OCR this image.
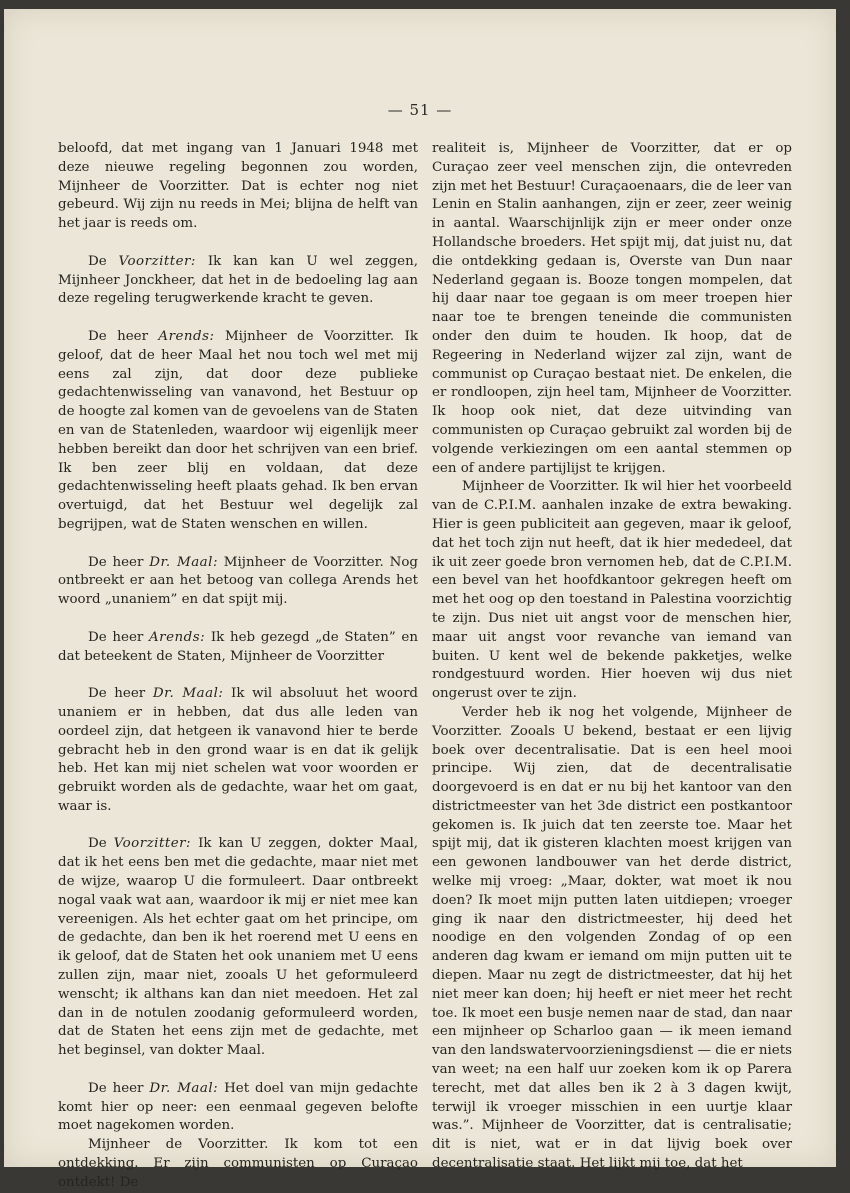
— 51 —

beloofd, dat met ingang van 1 Januari 1948 met deze nieuwe regeling begonnen zou worden, Mijnheer de Voorzitter. Dat is echter nog niet gebeurd. Wij zijn nu reeds in Mei; blijna de helft van het jaar is reeds om.

De Voorzitter: Ik kan kan U wel zeggen, Mijnheer Jonckheer, dat het in de bedoeling lag aan deze regeling terugwerkende kracht te geven.

De heer Arends: Mijnheer de Voorzitter. Ik geloof, dat de heer Maal het nou toch wel met mij eens zal zijn, dat door deze publieke gedachtenwisseling van vanavond, het Bestuur op de hoogte zal komen van de gevoelens van de Staten en van de Statenleden, waardoor wij eigenlijk meer hebben bereikt dan door het schrijven van een brief. Ik ben zeer blij en voldaan, dat deze gedachtenwisseling heeft plaats gehad. Ik ben ervan overtuigd, dat het Bestuur wel degelijk zal begrijpen, wat de Staten wenschen en willen.

De heer Dr. Maal: Mijnheer de Voorzitter. Nog ontbreekt er aan het betoog van collega Arends het woord „unaniem” en dat spijt mij.

De heer Arends: Ik heb gezegd „de Staten” en dat beteekent de Staten, Mijnheer de Voorzitter

De heer Dr. Maal: Ik wil absoluut het woord unaniem er in hebben, dat dus alle leden van oordeel zijn, dat hetgeen ik vanavond hier te berde gebracht heb in den grond waar is en dat ik gelijk heb. Het kan mij niet schelen wat voor woorden er gebruikt worden als de gedachte, waar het om gaat, waar is.

De Voorzitter: Ik kan U zeggen, dokter Maal, dat ik het eens ben met die gedachte, maar niet met de wijze, waarop U die formuleert. Daar ontbreekt nogal vaak wat aan, waardoor ik mij er niet mee kan vereenigen. Als het echter gaat om het principe, om de gedachte, dan ben ik het roerend met U eens en ik geloof, dat de Staten het ook unaniem met U eens zullen zijn, maar niet, zooals U het geformuleerd wenscht; ik althans kan dan niet meedoen. Het zal dan in de notulen zoodanig geformuleerd worden, dat de Staten het eens zijn met de gedachte, met het beginsel, van dokter Maal.

De heer Dr. Maal: Het doel van mijn gedachte komt hier op neer: een eenmaal gegeven belofte moet nagekomen worden.

Mijnheer de Voorzitter. Ik kom tot een ontdekking. Er zijn communisten op Curaçao ontdekt! De

realiteit is, Mijnheer de Voorzitter, dat er op Curaçao zeer veel menschen zijn, die ontevreden zijn met het Bestuur! Curaçaoenaars, die de leer van Lenin en Stalin aanhangen, zijn er zeer, zeer weinig in aantal. Waarschijnlijk zijn er meer onder onze Hollandsche broeders. Het spijt mij, dat juist nu, dat die ontdekking gedaan is, Overste van Dun naar Nederland gegaan is. Booze tongen mompelen, dat hij daar naar toe gegaan is om meer troepen hier naar toe te brengen teneinde die communisten onder den duim te houden. Ik hoop, dat de Regeering in Nederland wijzer zal zijn, want de communist op Curaçao bestaat niet. De enkelen, die er rondloopen, zijn heel tam, Mijnheer de Voorzitter. Ik hoop ook niet, dat deze uitvinding van communisten op Curaçao gebruikt zal worden bij de volgende verkiezingen om een aantal stemmen op een of andere partijlijst te krijgen.

Mijnheer de Voorzitter. Ik wil hier het voorbeeld van de C.P.I.M. aanhalen inzake de extra bewaking. Hier is geen publiciteit aan gegeven, maar ik geloof, dat het toch zijn nut heeft, dat ik hier mededeel, dat ik uit zeer goede bron vernomen heb, dat de C.P.I.M. een bevel van het hoofdkantoor gekregen heeft om met het oog op den toestand in Palestina voorzichtig te zijn. Dus niet uit angst voor de menschen hier, maar uit angst voor revanche van iemand van buiten. U kent wel de bekende pakketjes, welke rondgestuurd worden. Hier hoeven wij dus niet ongerust over te zijn.

Verder heb ik nog het volgende, Mijnheer de Voorzitter. Zooals U bekend, bestaat er een lijvig boek over decentralisatie. Dat is een heel mooi principe. Wij zien, dat de decentralisatie doorgevoerd is en dat er nu bij het kantoor van den districtmeester van het 3de district een postkantoor gekomen is. Ik juich dat ten zeerste toe. Maar het spijt mij, dat ik gisteren klachten moest krijgen van een gewonen landbouwer van het derde district, welke mij vroeg: „Maar, dokter, wat moet ik nou doen? Ik moet mijn putten laten uitdiepen; vroeger ging ik naar den districtmeester, hij deed het noodige en den volgenden Zondag of op een anderen dag kwam er iemand om mijn putten uit te diepen. Maar nu zegt de districtmeester, dat hij het niet meer kan doen; hij heeft er niet meer het recht toe. Ik moet een busje nemen naar de stad, dan naar een mijnheer op Scharloo gaan — ik meen iemand van den landswatervoorzieningsdienst — die er niets van weet; na een half uur zoeken kom ik op Parera terecht, met dat alles ben ik 2 à 3 dagen kwijt, terwijl ik vroeger misschien in een uurtje klaar was.”. Mijnheer de Voorzitter, dat is centralisatie; dit is niet, wat er in dat lijvig boek over decentralisatie staat. Het lijkt mij toe, dat het
